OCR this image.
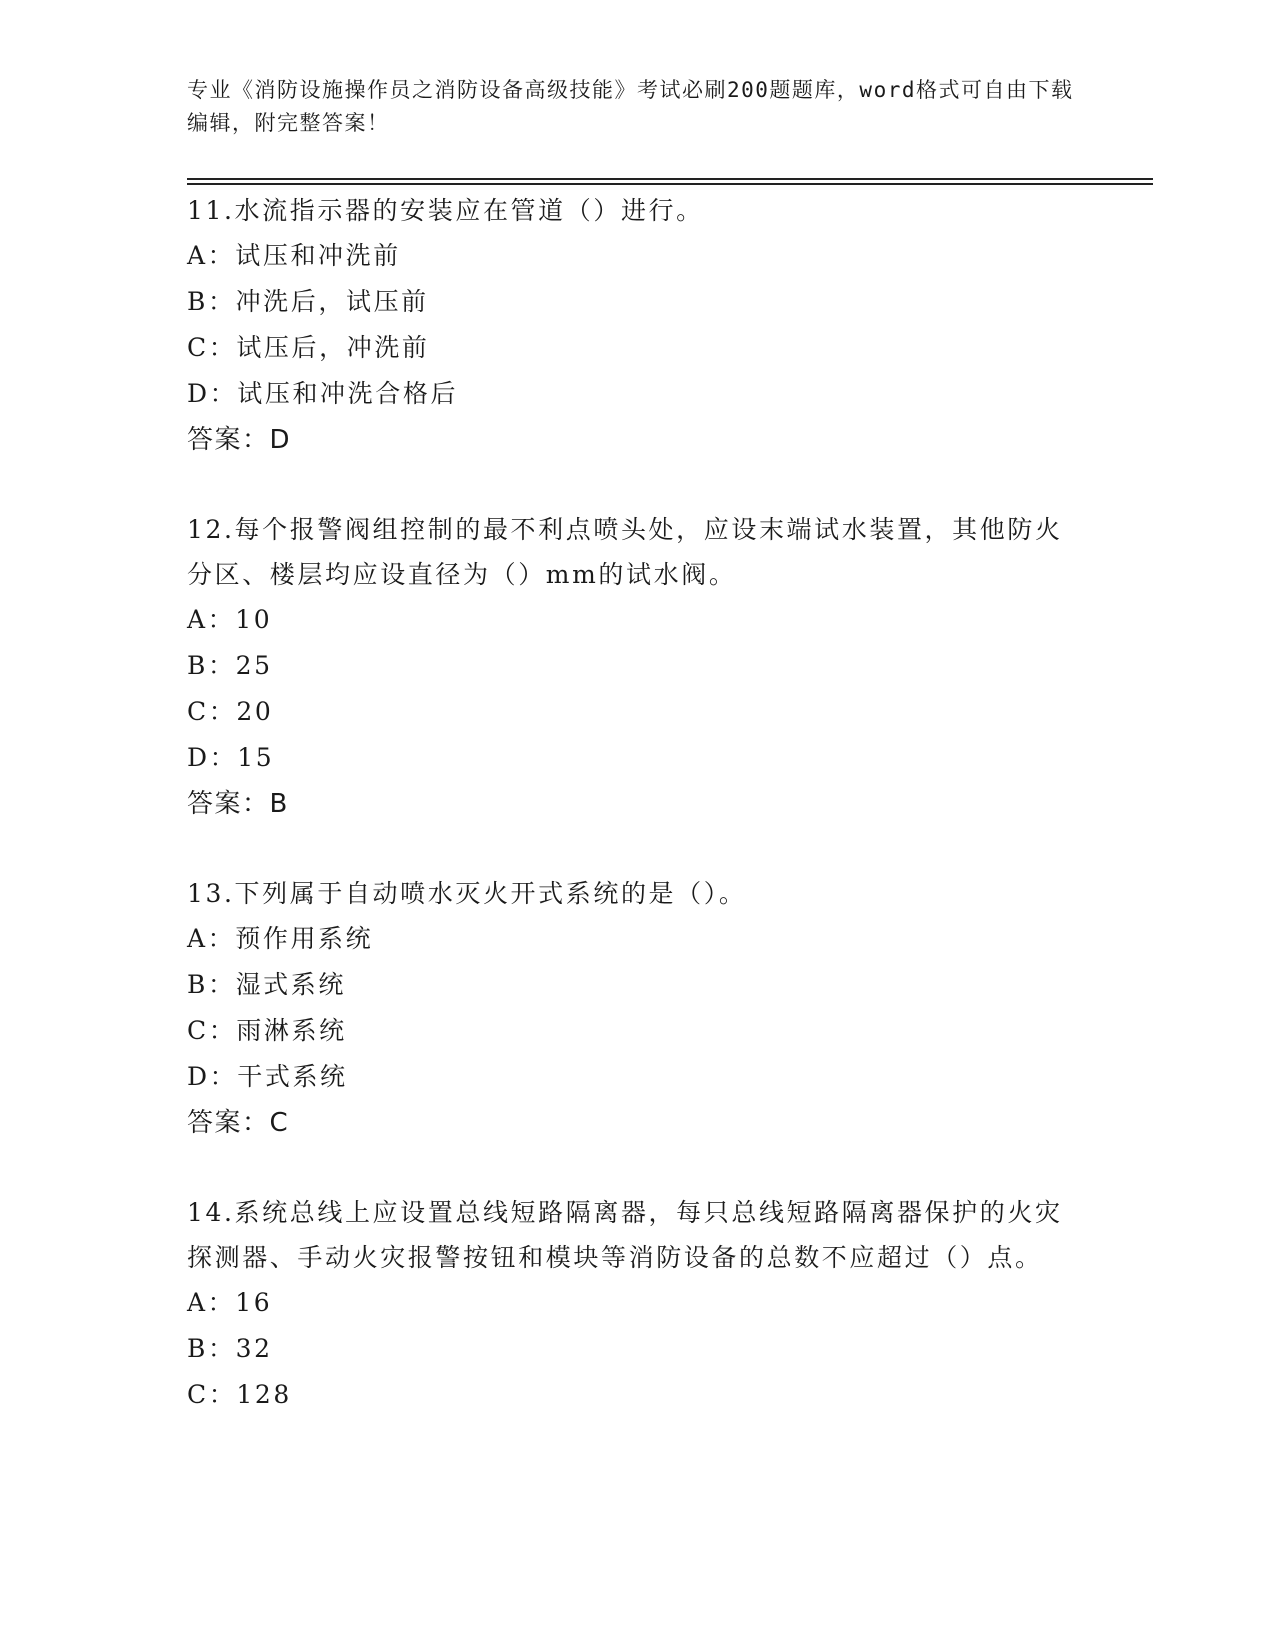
专业《消防设施操作员之消防设备高级技能》考试必刷200题题库，word格式可自由下载编辑，附完整答案！

11.水流指示器的安装应在管道（）进行。

A：试压和冲洗前

B：冲洗后，试压前

C：试压后，冲洗前

D：试压和冲洗合格后

答案：D

12.每个报警阀组控制的最不利点喷头处，应设末端试水装置，其他防火分区、楼层均应设直径为（）mm的试水阀。

A：10

B：25

C：20

D：15

答案：B

13.下列属于自动喷水灭火开式系统的是（）。

A：预作用系统

B：湿式系统

C：雨淋系统

D：干式系统

答案：C

14.系统总线上应设置总线短路隔离器，每只总线短路隔离器保护的火灾探测器、手动火灾报警按钮和模块等消防设备的总数不应超过（）点。

A：16

B：32

C：128
